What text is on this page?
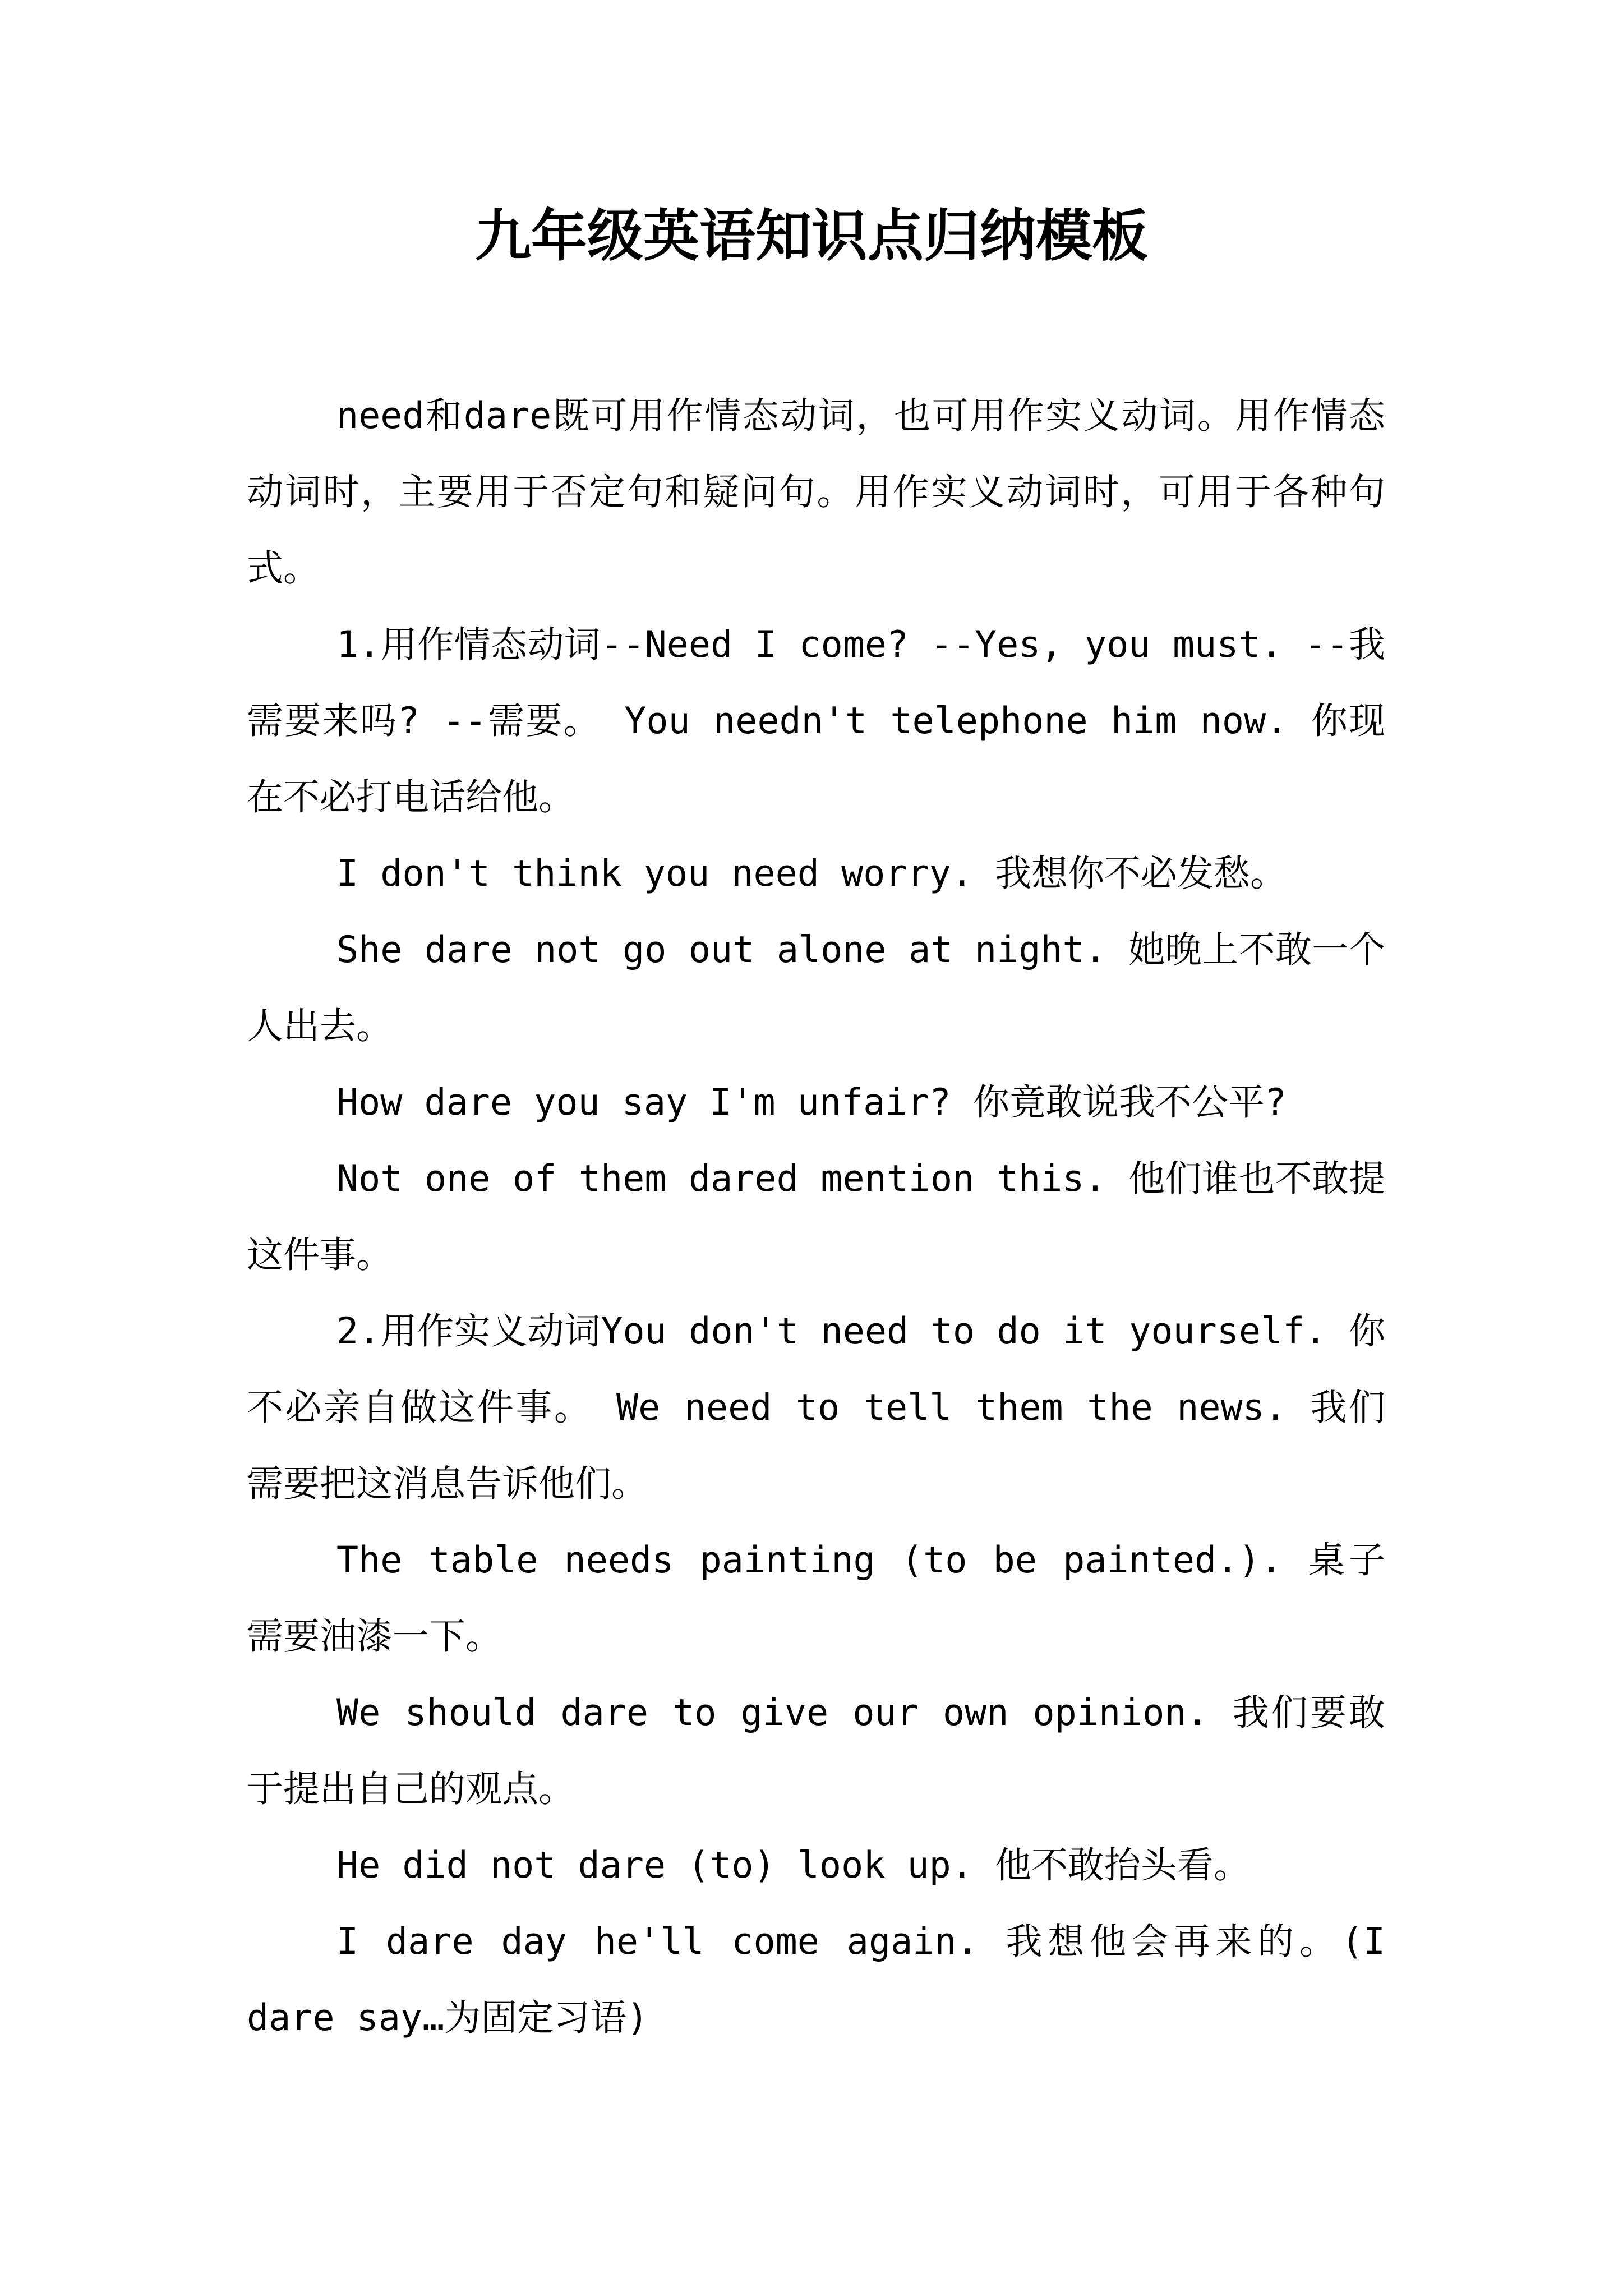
九年级英语知识点归纳模板

need和dare既可用作情态动词，也可用作实义动词。用作情态动词时，主要用于否定句和疑问句。用作实义动词时，可用于各种句式。

1.用作情态动词--Need I come? --Yes, you must. --我需要来吗? --需要。 You needn't telephone him now. 你现在不必打电话给他。

I don't think you need worry. 我想你不必发愁。

She dare not go out alone at night. 她晚上不敢一个人出去。

How dare you say I'm unfair? 你竟敢说我不公平?

Not one of them dared mention this. 他们谁也不敢提这件事。

2.用作实义动词You don't need to do it yourself. 你不必亲自做这件事。 We need to tell them the news. 我们需要把这消息告诉他们。

The table needs painting (to be painted.). 桌子需要油漆一下。

We should dare to give our own opinion. 我们要敢于提出自己的观点。

He did not dare (to) look up. 他不敢抬头看。

I dare day he'll come again. 我想他会再来的。(I dare say…为固定习语)
